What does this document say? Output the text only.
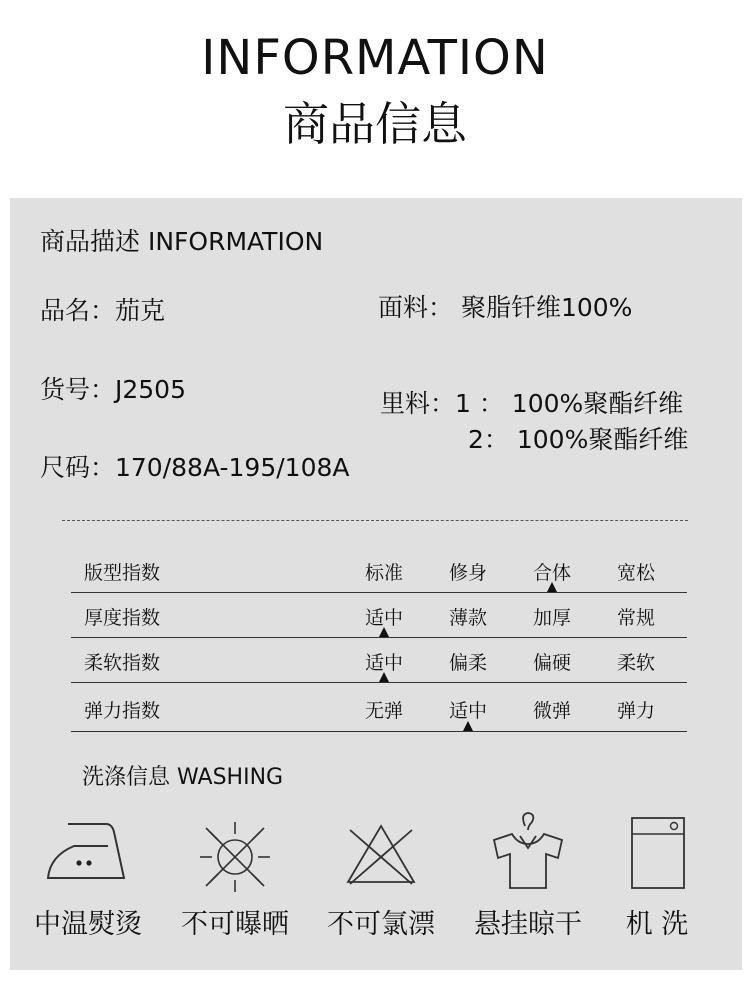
INFORMATION
商品信息
商品描述 INFORMATION
品名：茄克
货号：J2505
尺码：170/88A-195/108A
面料： 聚脂钎维100%
里料：1 ： 100%聚酯纤维
2： 100%聚酯纤维
版型指数	标准	修身	合体	宽松
厚度指数	适中	薄款	加厚	常规
柔软指数	适中	偏柔	偏硬	柔软
弹力指数	无弹	适中	微弹	弹力
洗涤信息 WASHING
中温熨烫	不可曝晒	不可氯漂	悬挂晾干	机 洗
